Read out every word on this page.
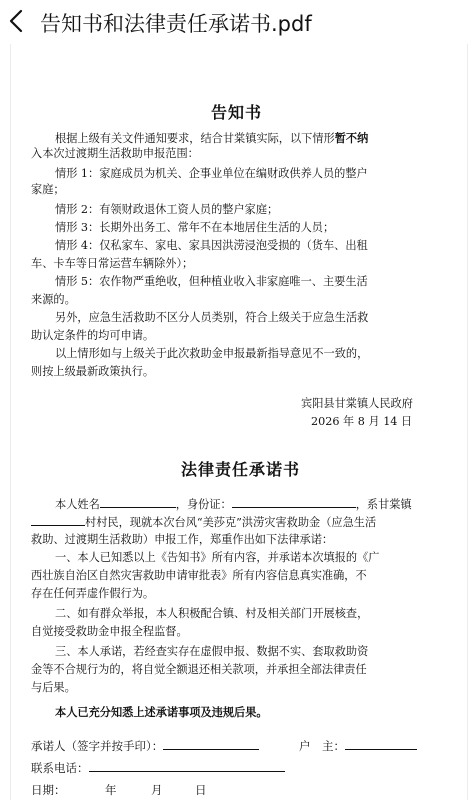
告知书和法律责任承诺书.pdf
告知书
根据上级有关文件通知要求，结合甘棠镇实际，以下情形暂不纳
入本次过渡期生活救助申报范围：
情形 1：家庭成员为机关、企事业单位在编财政供养人员的整户
家庭；
情形 2：有领财政退休工资人员的整户家庭；
情形 3：长期外出务工、常年不在本地居住生活的人员；
情形 4：仅私家车、家电、家具因洪涝浸泡受损的（货车、出租
车、卡车等日常运营车辆除外）；
情形 5：农作物严重绝收，但种植业收入非家庭唯一、主要生活
来源的。
另外，应急生活救助不区分人员类别，符合上级关于应急生活救
助认定条件的均可申请。
以上情形如与上级关于此次救助金申报最新指导意见不一致的，
则按上级最新政策执行。
宾阳县甘棠镇人民政府
2026 年 8 月 14 日
法律责任承诺书
本人姓名	，身份证：	，系甘棠镇
村村民，现就本次台风“美莎克”洪涝灾害救助金（应急生活
救助、过渡期生活救助）申报工作，郑重作出如下法律承诺：
一、本人已知悉以上《告知书》所有内容，并承诺本次填报的《广
西壮族自治区自然灾害救助申请审批表》所有内容信息真实准确，不
存在任何弄虚作假行为。
二、如有群众举报，本人积极配合镇、村及相关部门开展核查，
自觉接受救助金申报全程监督。
三、本人承诺，若经查实存在虚假申报、数据不实、套取救助资
金等不合规行为的，将自觉全额退还相关款项，并承担全部法律责任
与后果。
本人已充分知悉上述承诺事项及违规后果。
承诺人（签字并按手印）：	户　主：
联系电话：
日期：	年	月	日
